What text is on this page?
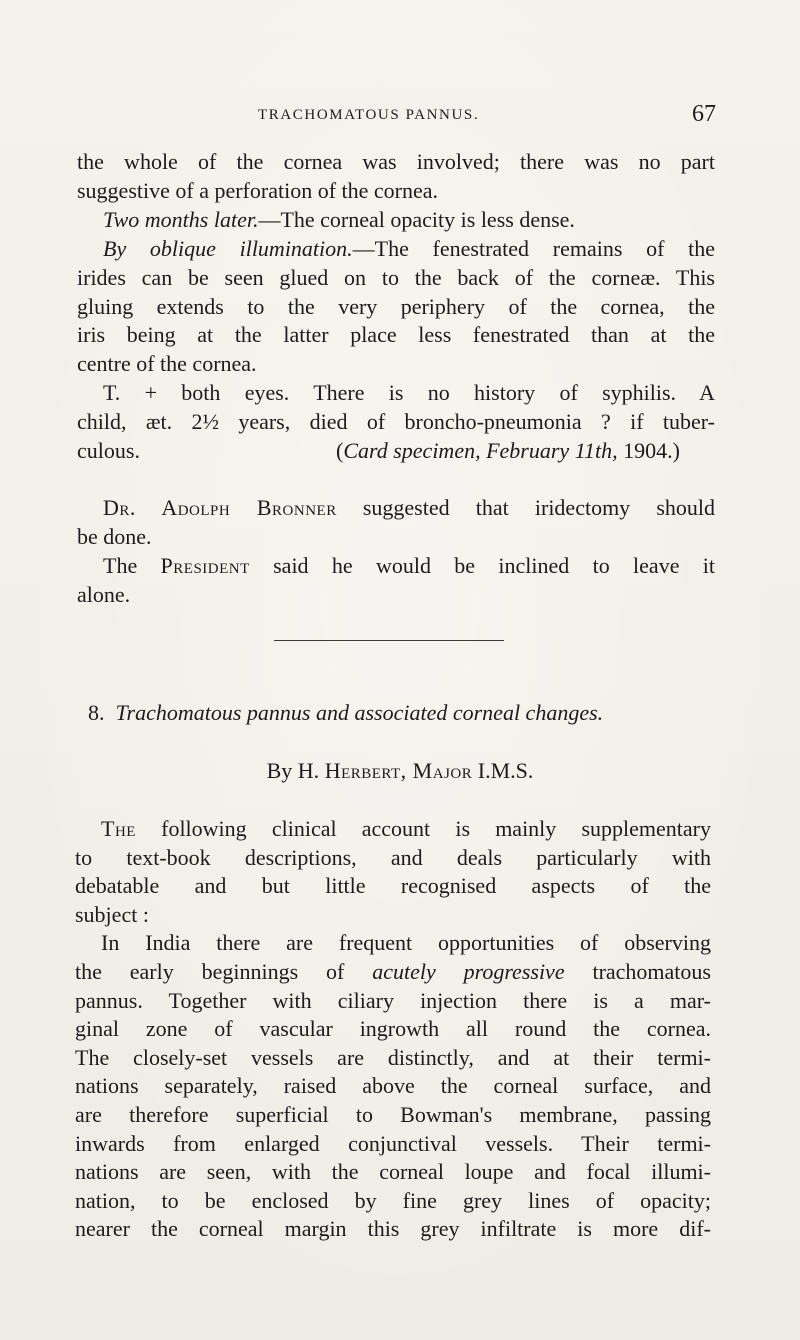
TRACHOMATOUS PANNUS.	67
the whole of the cornea was involved; there was no part
suggestive of a perforation of the cornea.
Two months later.—The corneal opacity is less dense.
By oblique illumination.—The fenestrated remains of the
irides can be seen glued on to the back of the corneæ. This
gluing extends to the very periphery of the cornea, the
iris being at the latter place less fenestrated than at the
centre of the cornea.
T. + both eyes. There is no history of syphilis. A
child, æt. 2½ years, died of broncho-pneumonia ? if tuber-
culous.	(Card specimen, February 11th, 1904.)
Dr. Adolph Bronner suggested that iridectomy should
be done.
The President said he would be inclined to leave it
alone.
8. Trachomatous pannus and associated corneal changes.
By H. Herbert, Major I.M.S.
The following clinical account is mainly supplementary
to text-book descriptions, and deals particularly with
debatable and but little recognised aspects of the
subject :
In India there are frequent opportunities of observing
the early beginnings of acutely progressive trachomatous
pannus. Together with ciliary injection there is a mar-
ginal zone of vascular ingrowth all round the cornea.
The closely-set vessels are distinctly, and at their termi-
nations separately, raised above the corneal surface, and
are therefore superficial to Bowman's membrane, passing
inwards from enlarged conjunctival vessels. Their termi-
nations are seen, with the corneal loupe and focal illumi-
nation, to be enclosed by fine grey lines of opacity;
nearer the corneal margin this grey infiltrate is more dif-
